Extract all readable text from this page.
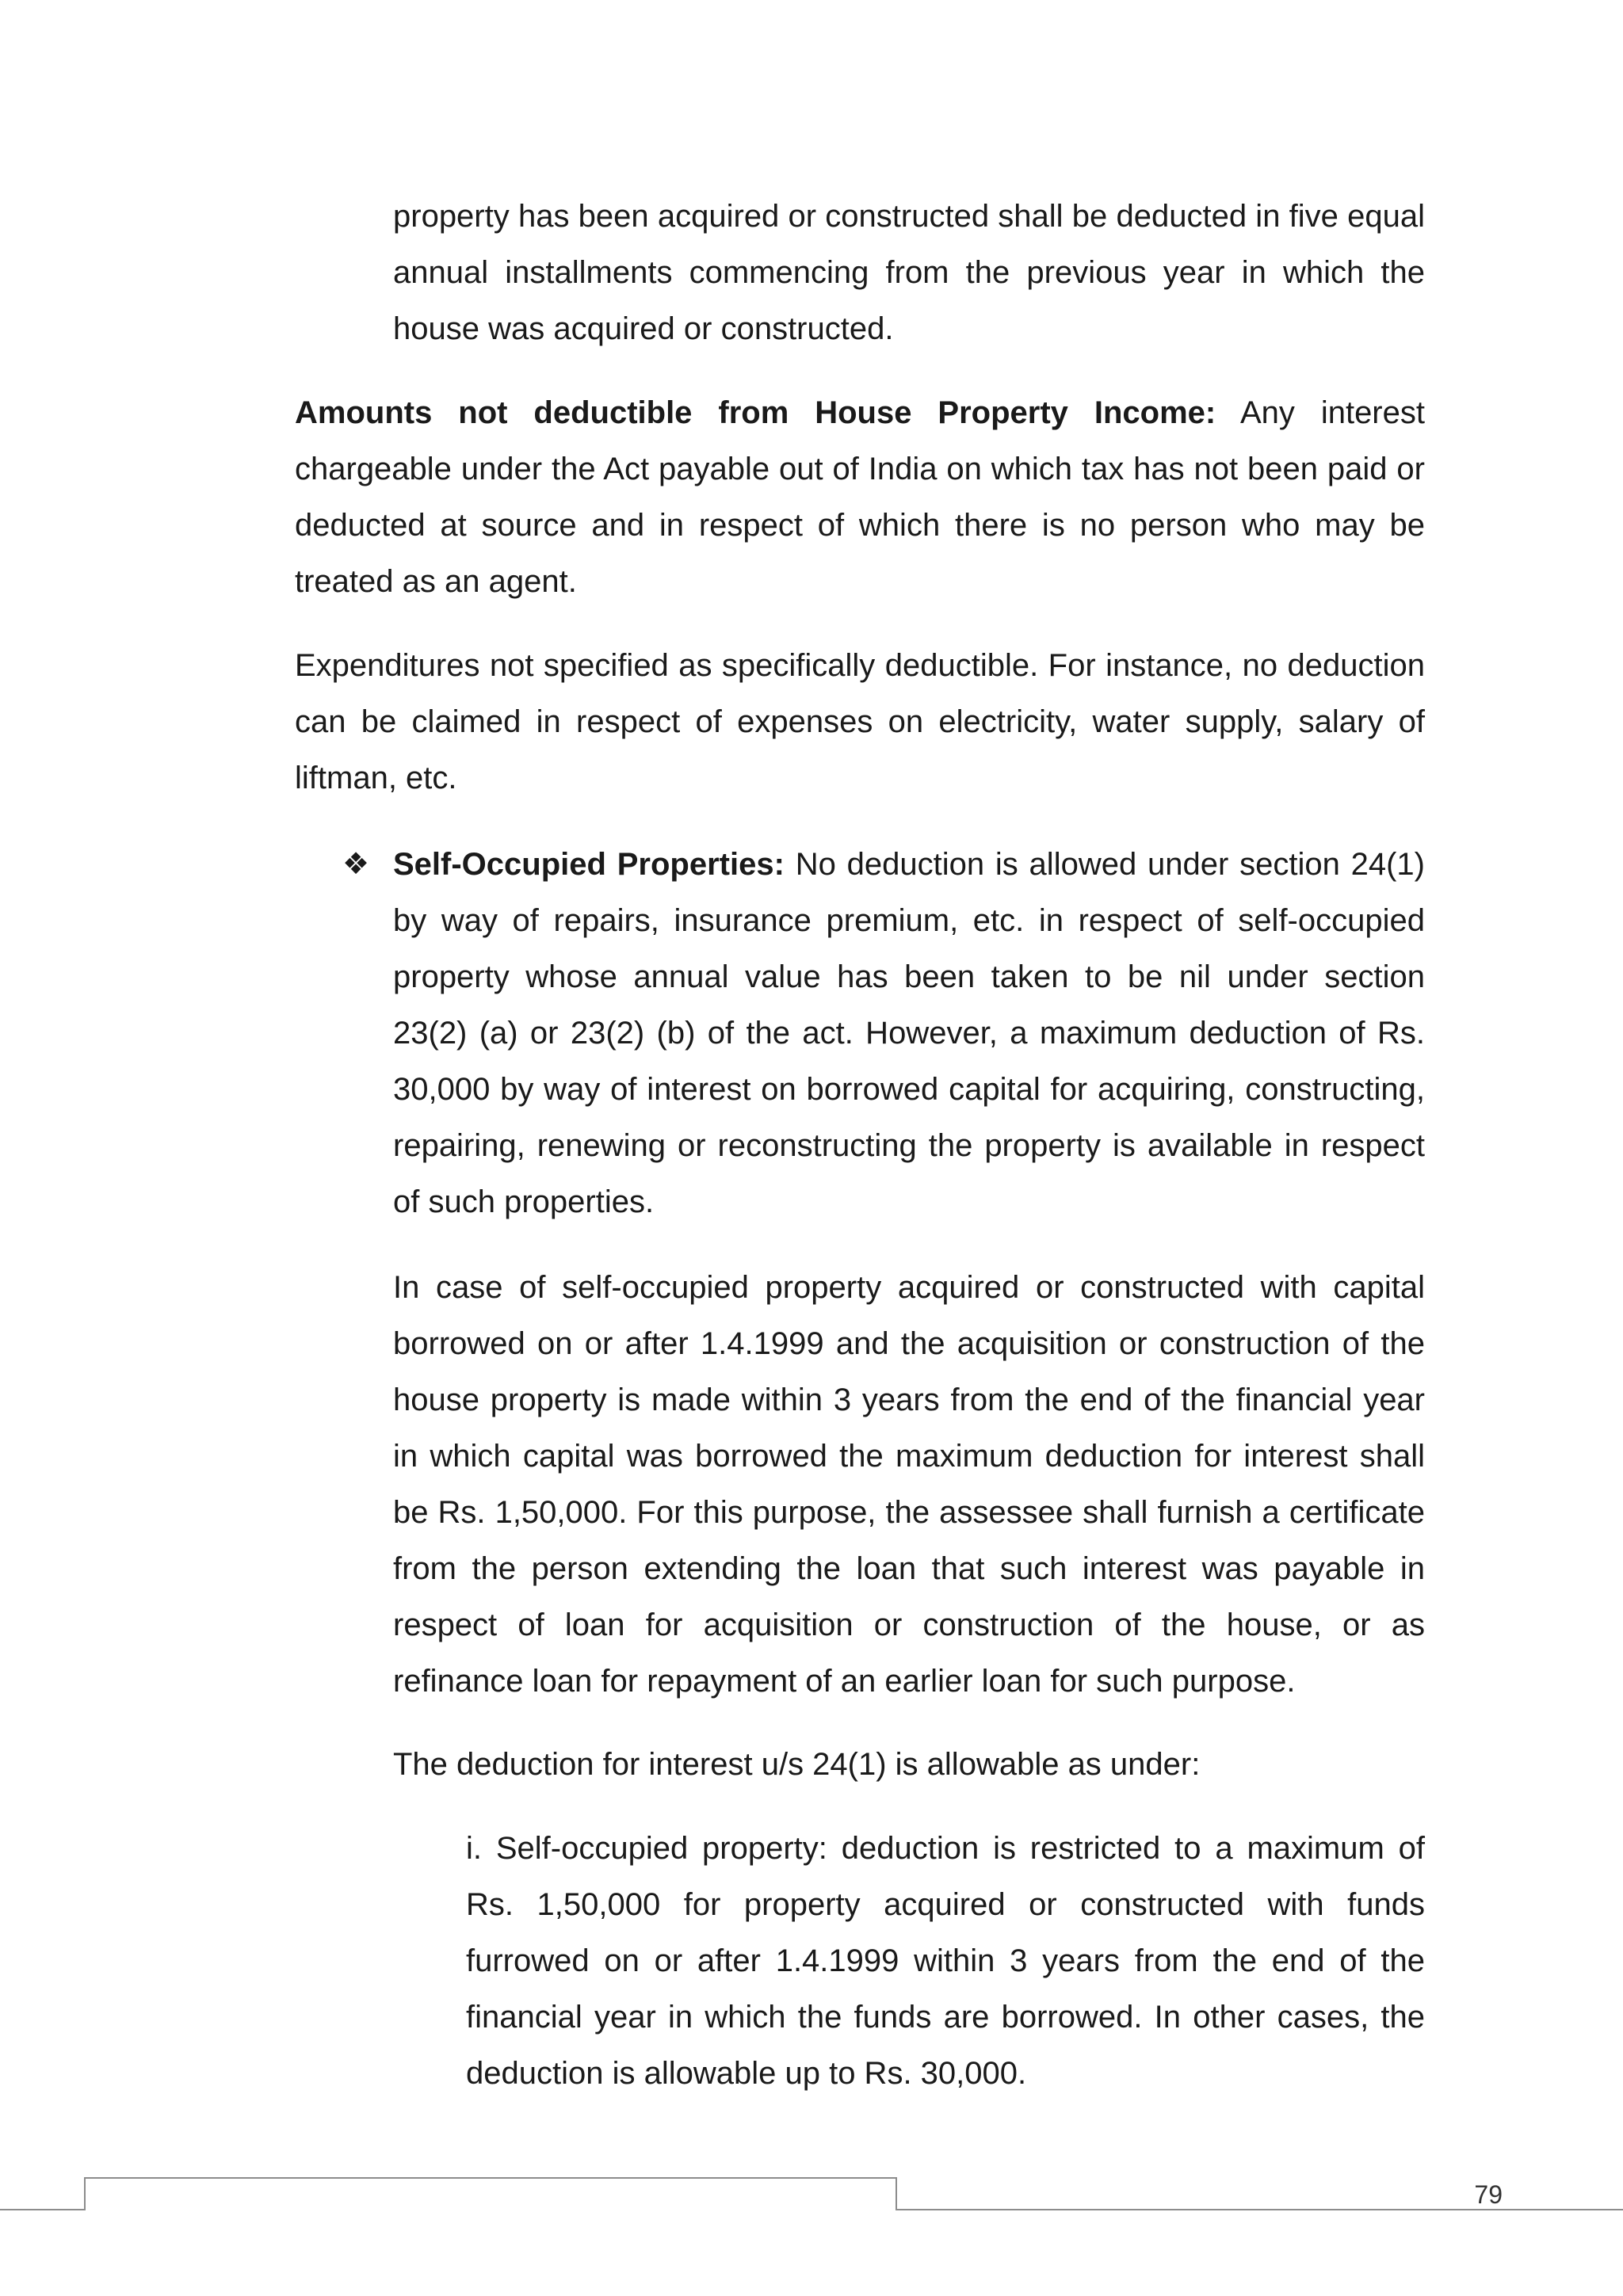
property has been acquired or constructed shall be deducted in five equal annual installments commencing from the previous year in which the house was acquired or constructed.

Amounts not deductible from House Property Income: Any interest chargeable under the Act payable out of India on which tax has not been paid or deducted at source and in respect of which there is no person who may be treated as an agent.

Expenditures not specified as specifically deductible. For instance, no deduction can be claimed in respect of expenses on electricity, water supply, salary of liftman, etc.

❖ Self-Occupied Properties: No deduction is allowed under section 24(1) by way of repairs, insurance premium, etc. in respect of self-occupied property whose annual value has been taken to be nil under section 23(2) (a) or 23(2) (b) of the act. However, a maximum deduction of Rs. 30,000 by way of interest on borrowed capital for acquiring, constructing, repairing, renewing or reconstructing the property is available in respect of such properties.

In case of self-occupied property acquired or constructed with capital borrowed on or after 1.4.1999 and the acquisition or construction of the house property is made within 3 years from the end of the financial year in which capital was borrowed the maximum deduction for interest shall be Rs. 1,50,000. For this purpose, the assessee shall furnish a certificate from the person extending the loan that such interest was payable in respect of loan for acquisition or construction of the house, or as refinance loan for repayment of an earlier loan for such purpose.

The deduction for interest u/s 24(1) is allowable as under:

i. Self-occupied property: deduction is restricted to a maximum of Rs. 1,50,000 for property acquired or constructed with funds furrowed on or after 1.4.1999 within 3 years from the end of the financial year in which the funds are borrowed. In other cases, the deduction is allowable up to Rs. 30,000.

79
